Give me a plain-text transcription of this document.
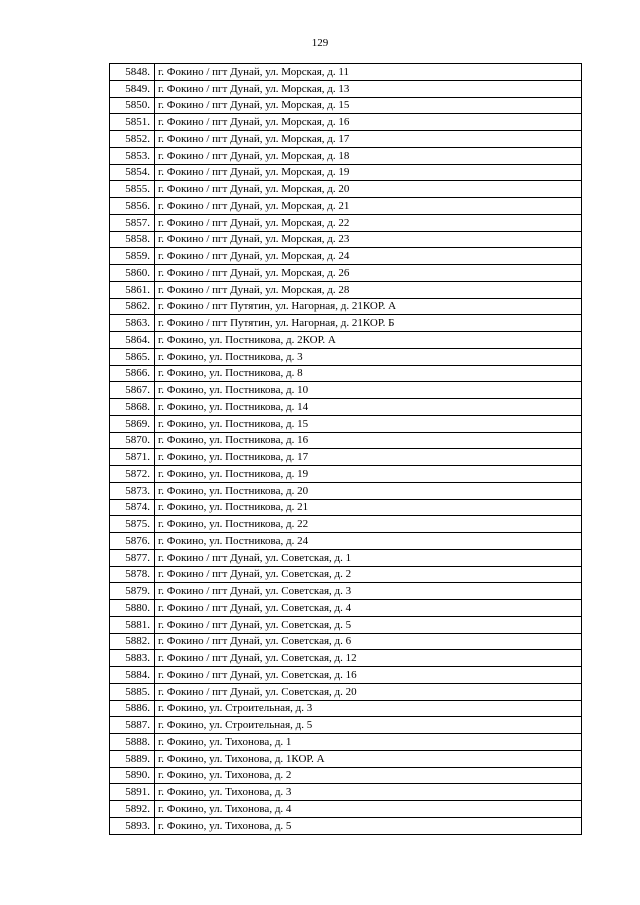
129
5848.	г. Фокино / пгт Дунай, ул. Морская, д. 11
5849.	г. Фокино / пгт Дунай, ул. Морская, д. 13
5850.	г. Фокино / пгт Дунай, ул. Морская, д. 15
5851.	г. Фокино / пгт Дунай, ул. Морская, д. 16
5852.	г. Фокино / пгт Дунай, ул. Морская, д. 17
5853.	г. Фокино / пгт Дунай, ул. Морская, д. 18
5854.	г. Фокино / пгт Дунай, ул. Морская, д. 19
5855.	г. Фокино / пгт Дунай, ул. Морская, д. 20
5856.	г. Фокино / пгт Дунай, ул. Морская, д. 21
5857.	г. Фокино / пгт Дунай, ул. Морская, д. 22
5858.	г. Фокино / пгт Дунай, ул. Морская, д. 23
5859.	г. Фокино / пгт Дунай, ул. Морская, д. 24
5860.	г. Фокино / пгт Дунай, ул. Морская, д. 26
5861.	г. Фокино / пгт Дунай, ул. Морская, д. 28
5862.	г. Фокино / пгт Путятин, ул. Нагорная, д. 21КОР. А
5863.	г. Фокино / пгт Путятин, ул. Нагорная, д. 21КОР. Б
5864.	г. Фокино, ул. Постникова, д. 2КОР. А
5865.	г. Фокино, ул. Постникова, д. 3
5866.	г. Фокино, ул. Постникова, д. 8
5867.	г. Фокино, ул. Постникова, д. 10
5868.	г. Фокино, ул. Постникова, д. 14
5869.	г. Фокино, ул. Постникова, д. 15
5870.	г. Фокино, ул. Постникова, д. 16
5871.	г. Фокино, ул. Постникова, д. 17
5872.	г. Фокино, ул. Постникова, д. 19
5873.	г. Фокино, ул. Постникова, д. 20
5874.	г. Фокино, ул. Постникова, д. 21
5875.	г. Фокино, ул. Постникова, д. 22
5876.	г. Фокино, ул. Постникова, д. 24
5877.	г. Фокино / пгт Дунай, ул. Советская, д. 1
5878.	г. Фокино / пгт Дунай, ул. Советская, д. 2
5879.	г. Фокино / пгт Дунай, ул. Советская, д. 3
5880.	г. Фокино / пгт Дунай, ул. Советская, д. 4
5881.	г. Фокино / пгт Дунай, ул. Советская, д. 5
5882.	г. Фокино / пгт Дунай, ул. Советская, д. 6
5883.	г. Фокино / пгт Дунай, ул. Советская, д. 12
5884.	г. Фокино / пгт Дунай, ул. Советская, д. 16
5885.	г. Фокино / пгт Дунай, ул. Советская, д. 20
5886.	г. Фокино, ул. Строительная, д. 3
5887.	г. Фокино, ул. Строительная, д. 5
5888.	г. Фокино, ул. Тихонова, д. 1
5889.	г. Фокино, ул. Тихонова, д. 1КОР. А
5890.	г. Фокино, ул. Тихонова, д. 2
5891.	г. Фокино, ул. Тихонова, д. 3
5892.	г. Фокино, ул. Тихонова, д. 4
5893.	г. Фокино, ул. Тихонова, д. 5
